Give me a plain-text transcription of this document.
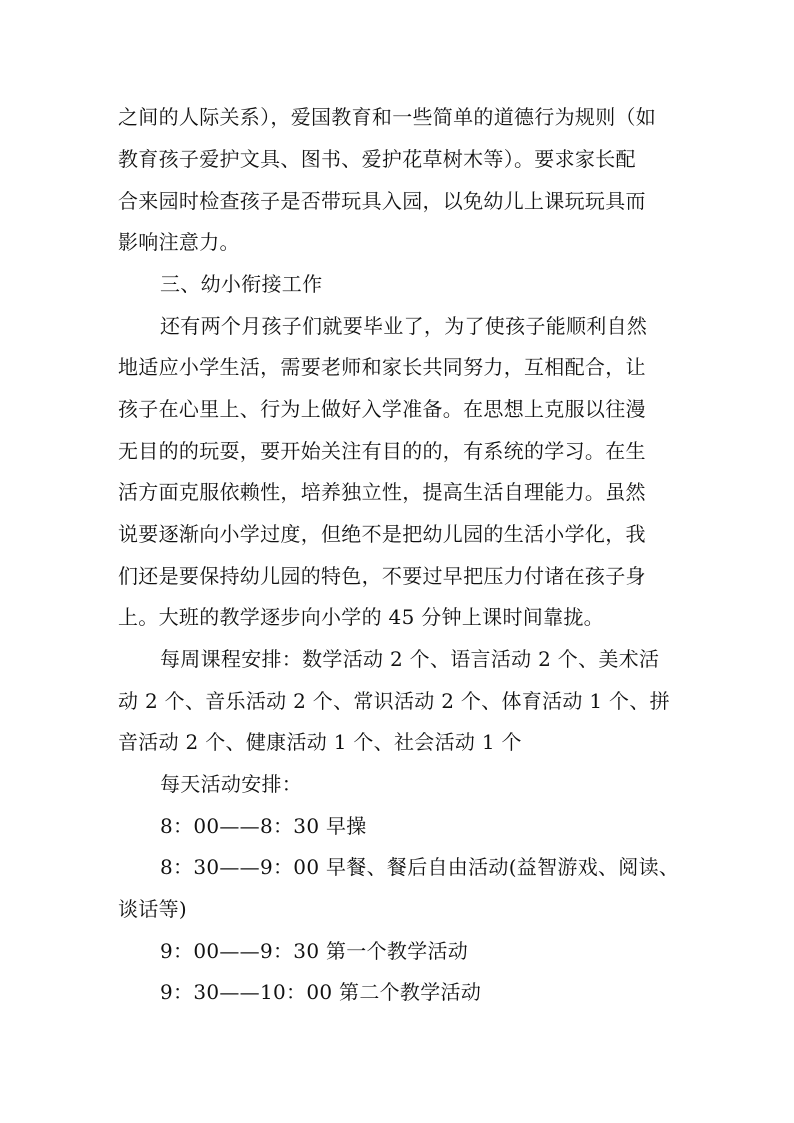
之间的人际关系），爱国教育和一些简单的道德行为规则（如
教育孩子爱护文具、图书、爱护花草树木等）。要求家长配
合来园时检查孩子是否带玩具入园，以免幼儿上课玩玩具而
影响注意力。
三、幼小衔接工作
还有两个月孩子们就要毕业了，为了使孩子能顺利自然
地适应小学生活，需要老师和家长共同努力，互相配合，让
孩子在心里上、行为上做好入学准备。在思想上克服以往漫
无目的的玩耍，要开始关注有目的的，有系统的学习。在生
活方面克服依赖性，培养独立性，提高生活自理能力。虽然
说要逐渐向小学过度，但绝不是把幼儿园的生活小学化，我
们还是要保持幼儿园的特色，不要过早把压力付诸在孩子身
上。大班的教学逐步向小学的 45 分钟上课时间靠拢。
每周课程安排：数学活动 2 个、语言活动 2 个、美术活
动 2 个、音乐活动 2 个、常识活动 2 个、体育活动 1 个、拼
音活动 2 个、健康活动 1 个、社会活动 1 个
每天活动安排：
8：00——8：30 早操
8：30——9：00 早餐、餐后自由活动(益智游戏、阅读、
谈话等)
9：00——9：30 第一个教学活动
9：30——10：00 第二个教学活动
